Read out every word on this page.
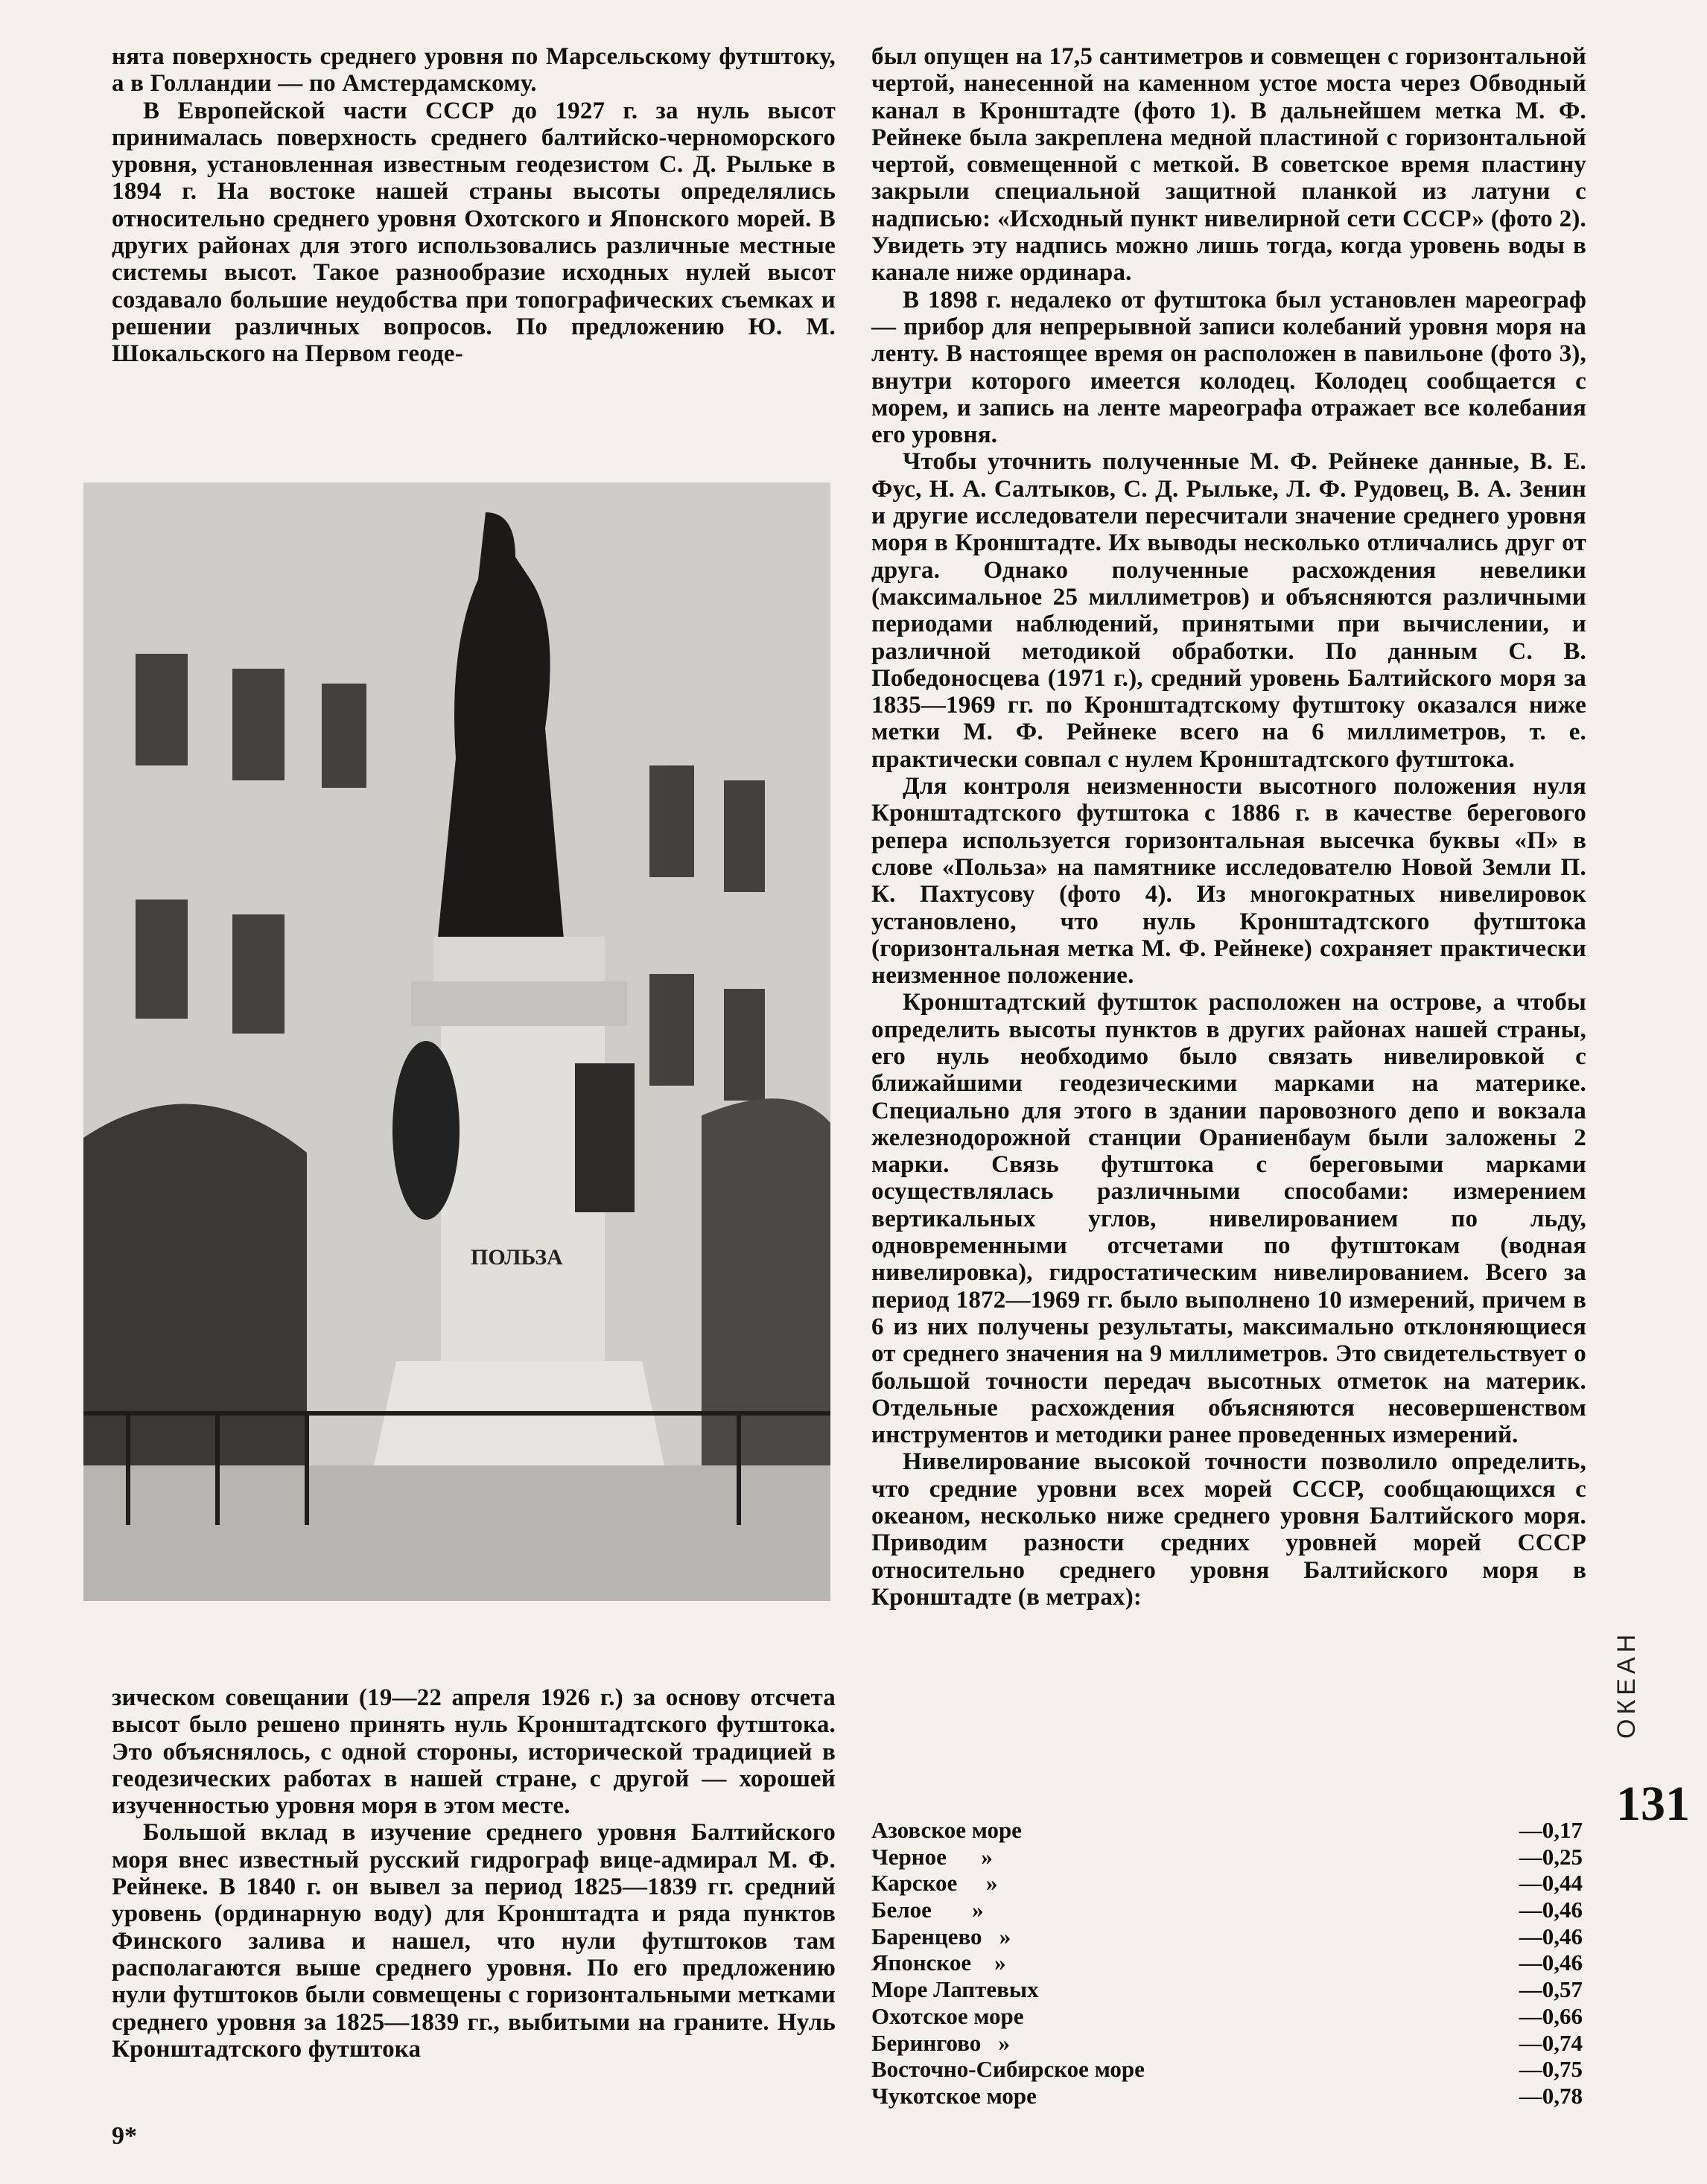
нята поверхность среднего уровня по Марсельскому футштоку, а в Голландии — по Амстердамскому.

В Европейской части СССР до 1927 г. за нуль высот принималась поверхность среднего балтийско-черноморского уровня, установленная известным геодезистом С. Д. Рыльке в 1894 г. На востоке нашей страны высоты определялись относительно среднего уровня Охотского и Японского морей. В других районах для этого использовались различные местные системы высот. Такое разнообразие исходных нулей высот создавало большие неудобства при топографических съемках и решении различных вопросов. По предложению Ю. М. Шокальского на Первом геоде-

ПОЛЬЗА

зическом совещании (19—22 апреля 1926 г.) за основу отсчета высот было решено принять нуль Кронштадтского футштока. Это объяснялось, с одной стороны, исторической традицией в геодезических работах в нашей стране, с другой — хорошей изученностью уровня моря в этом месте.

Большой вклад в изучение среднего уровня Балтийского моря внес известный русский гидрограф вице-адмирал М. Ф. Рейнеке. В 1840 г. он вывел за период 1825—1839 гг. средний уровень (ординарную воду) для Кронштадта и ряда пунктов Финского залива и нашел, что нули футштоков там располагаются выше среднего уровня. По его предложению нули футштоков были совмещены с горизонтальными метками среднего уровня за 1825—1839 гг., выбитыми на граните. Нуль Кронштадтского футштока

был опущен на 17,5 сантиметров и совмещен с горизонтальной чертой, нанесенной на каменном устое моста через Обводный канал в Кронштадте (фото 1). В дальнейшем метка М. Ф. Рейнеке была закреплена медной пластиной с горизонтальной чертой, совмещенной с меткой. В советское время пластину закрыли специальной защитной планкой из латуни с надписью: «Исходный пункт нивелирной сети СССР» (фото 2). Увидеть эту надпись можно лишь тогда, когда уровень воды в канале ниже ординара.

В 1898 г. недалеко от футштока был установлен мареограф — прибор для непрерывной записи колебаний уровня моря на ленту. В настоящее время он расположен в павильоне (фото 3), внутри которого имеется колодец. Колодец сообщается с морем, и запись на ленте мареографа отражает все колебания его уровня.

Чтобы уточнить полученные М. Ф. Рейнеке данные, В. Е. Фус, Н. А. Салтыков, С. Д. Рыльке, Л. Ф. Рудовец, В. А. Зенин и другие исследователи пересчитали значение среднего уровня моря в Кронштадте. Их выводы несколько отличались друг от друга. Однако полученные расхождения невелики (максимальное 25 миллиметров) и объясняются различными периодами наблюдений, принятыми при вычислении, и различной методикой обработки. По данным С. В. Победоносцева (1971 г.), средний уровень Балтийского моря за 1835—1969 гг. по Кронштадтскому футштоку оказался ниже метки М. Ф. Рейнеке всего на 6 миллиметров, т. е. практически совпал с нулем Кронштадтского футштока.

Для контроля неизменности высотного положения нуля Кронштадтского футштока с 1886 г. в качестве берегового репера используется горизонтальная высечка буквы «П» в слове «Польза» на памятнике исследователю Новой Земли П. К. Пахтусову (фото 4). Из многократных нивелировок установлено, что нуль Кронштадтского футштока (горизонтальная метка М. Ф. Рейнеке) сохраняет практически неизменное положение.

Кронштадтский футшток расположен на острове, а чтобы определить высоты пунктов в других районах нашей страны, его нуль необходимо было связать нивелировкой с ближайшими геодезическими марками на материке. Специально для этого в здании паровозного депо и вокзала железнодорожной станции Ораниенбаум были заложены 2 марки. Связь футштока с береговыми марками осуществлялась различными способами: измерением вертикальных углов, нивелированием по льду, одновременными отсчетами по футштокам (водная нивелировка), гидростатическим нивелированием. Всего за период 1872—1969 гг. было выполнено 10 измерений, причем в 6 из них получены результаты, максимально отклоняющиеся от среднего значения на 9 миллиметров. Это свидетельствует о большой точности передач высотных отметок на материк. Отдельные расхождения объясняются несовершенством инструментов и методики ранее проведенных измерений.

Нивелирование высокой точности позволило определить, что средние уровни всех морей СССР, сообщающихся с океаном, несколько ниже среднего уровня Балтийского моря. Приводим разности средних уровней морей СССР относительно среднего уровня Балтийского моря в Кронштадте (в метрах):

Азовское море	—0,17
Черное      »	—0,25
Карское     »	—0,44
Белое       »	—0,46
Баренцево   »	—0,46
Японское    »	—0,46
Море Лаптевых	—0,57
Охотское море	—0,66
Берингово   »	—0,74
Восточно-Сибирское море	—0,75
Чукотское море	—0,78
ОКЕАН
131
9*
